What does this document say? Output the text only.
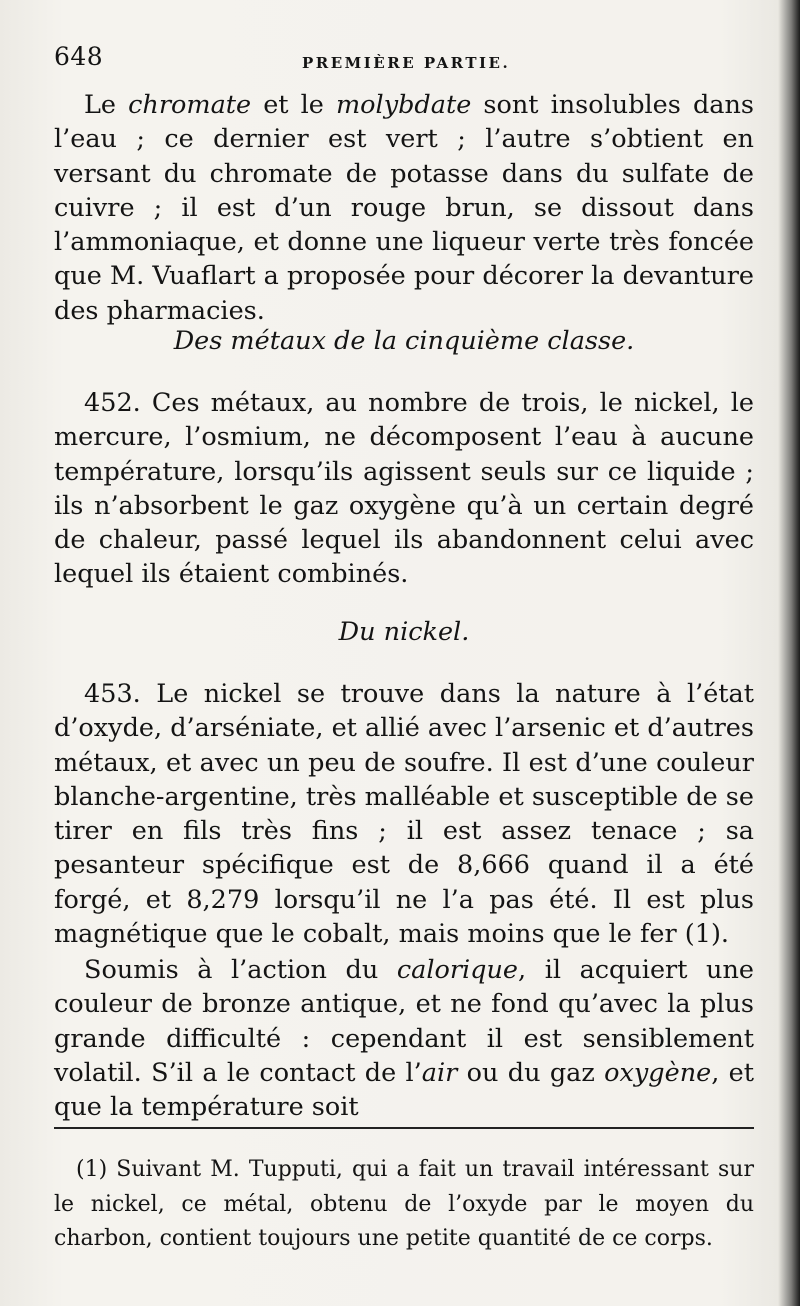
648	PREMIÈRE PARTIE.

Le chromate et le molybdate sont insolubles dans l’eau ; ce dernier est vert ; l’autre s’obtient en versant du chromate de potasse dans du sulfate de cuivre ; il est d’un rouge brun, se dissout dans l’ammoniaque, et donne une liqueur verte très foncée que M. Vuaflart a proposée pour décorer la devanture des pharmacies.

Des métaux de la cinquième classe.

452. Ces métaux, au nombre de trois, le nickel, le mercure, l’osmium, ne décomposent l’eau à aucune température, lorsqu’ils agissent seuls sur ce liquide ; ils n’absorbent le gaz oxygène qu’à un certain degré de chaleur, passé lequel ils abandonnent celui avec lequel ils étaient combinés.

Du nickel.

453. Le nickel se trouve dans la nature à l’état d’oxyde, d’arséniate, et allié avec l’arsenic et d’autres métaux, et avec un peu de soufre. Il est d’une couleur blanche-argentine, très malléable et susceptible de se tirer en fils très fins ; il est assez tenace ; sa pesanteur spécifique est de 8,666 quand il a été forgé, et 8,279 lorsqu’il ne l’a pas été. Il est plus magnétique que le cobalt, mais moins que le fer (1).

Soumis à l’action du calorique, il acquiert une couleur de bronze antique, et ne fond qu’avec la plus grande difficulté : cependant il est sensiblement volatil. S’il a le contact de l’air ou du gaz oxygène, et que la température soit

(1) Suivant M. Tupputi, qui a fait un travail intéressant sur le nickel, ce métal, obtenu de l’oxyde par le moyen du charbon, contient toujours une petite quantité de ce corps.
